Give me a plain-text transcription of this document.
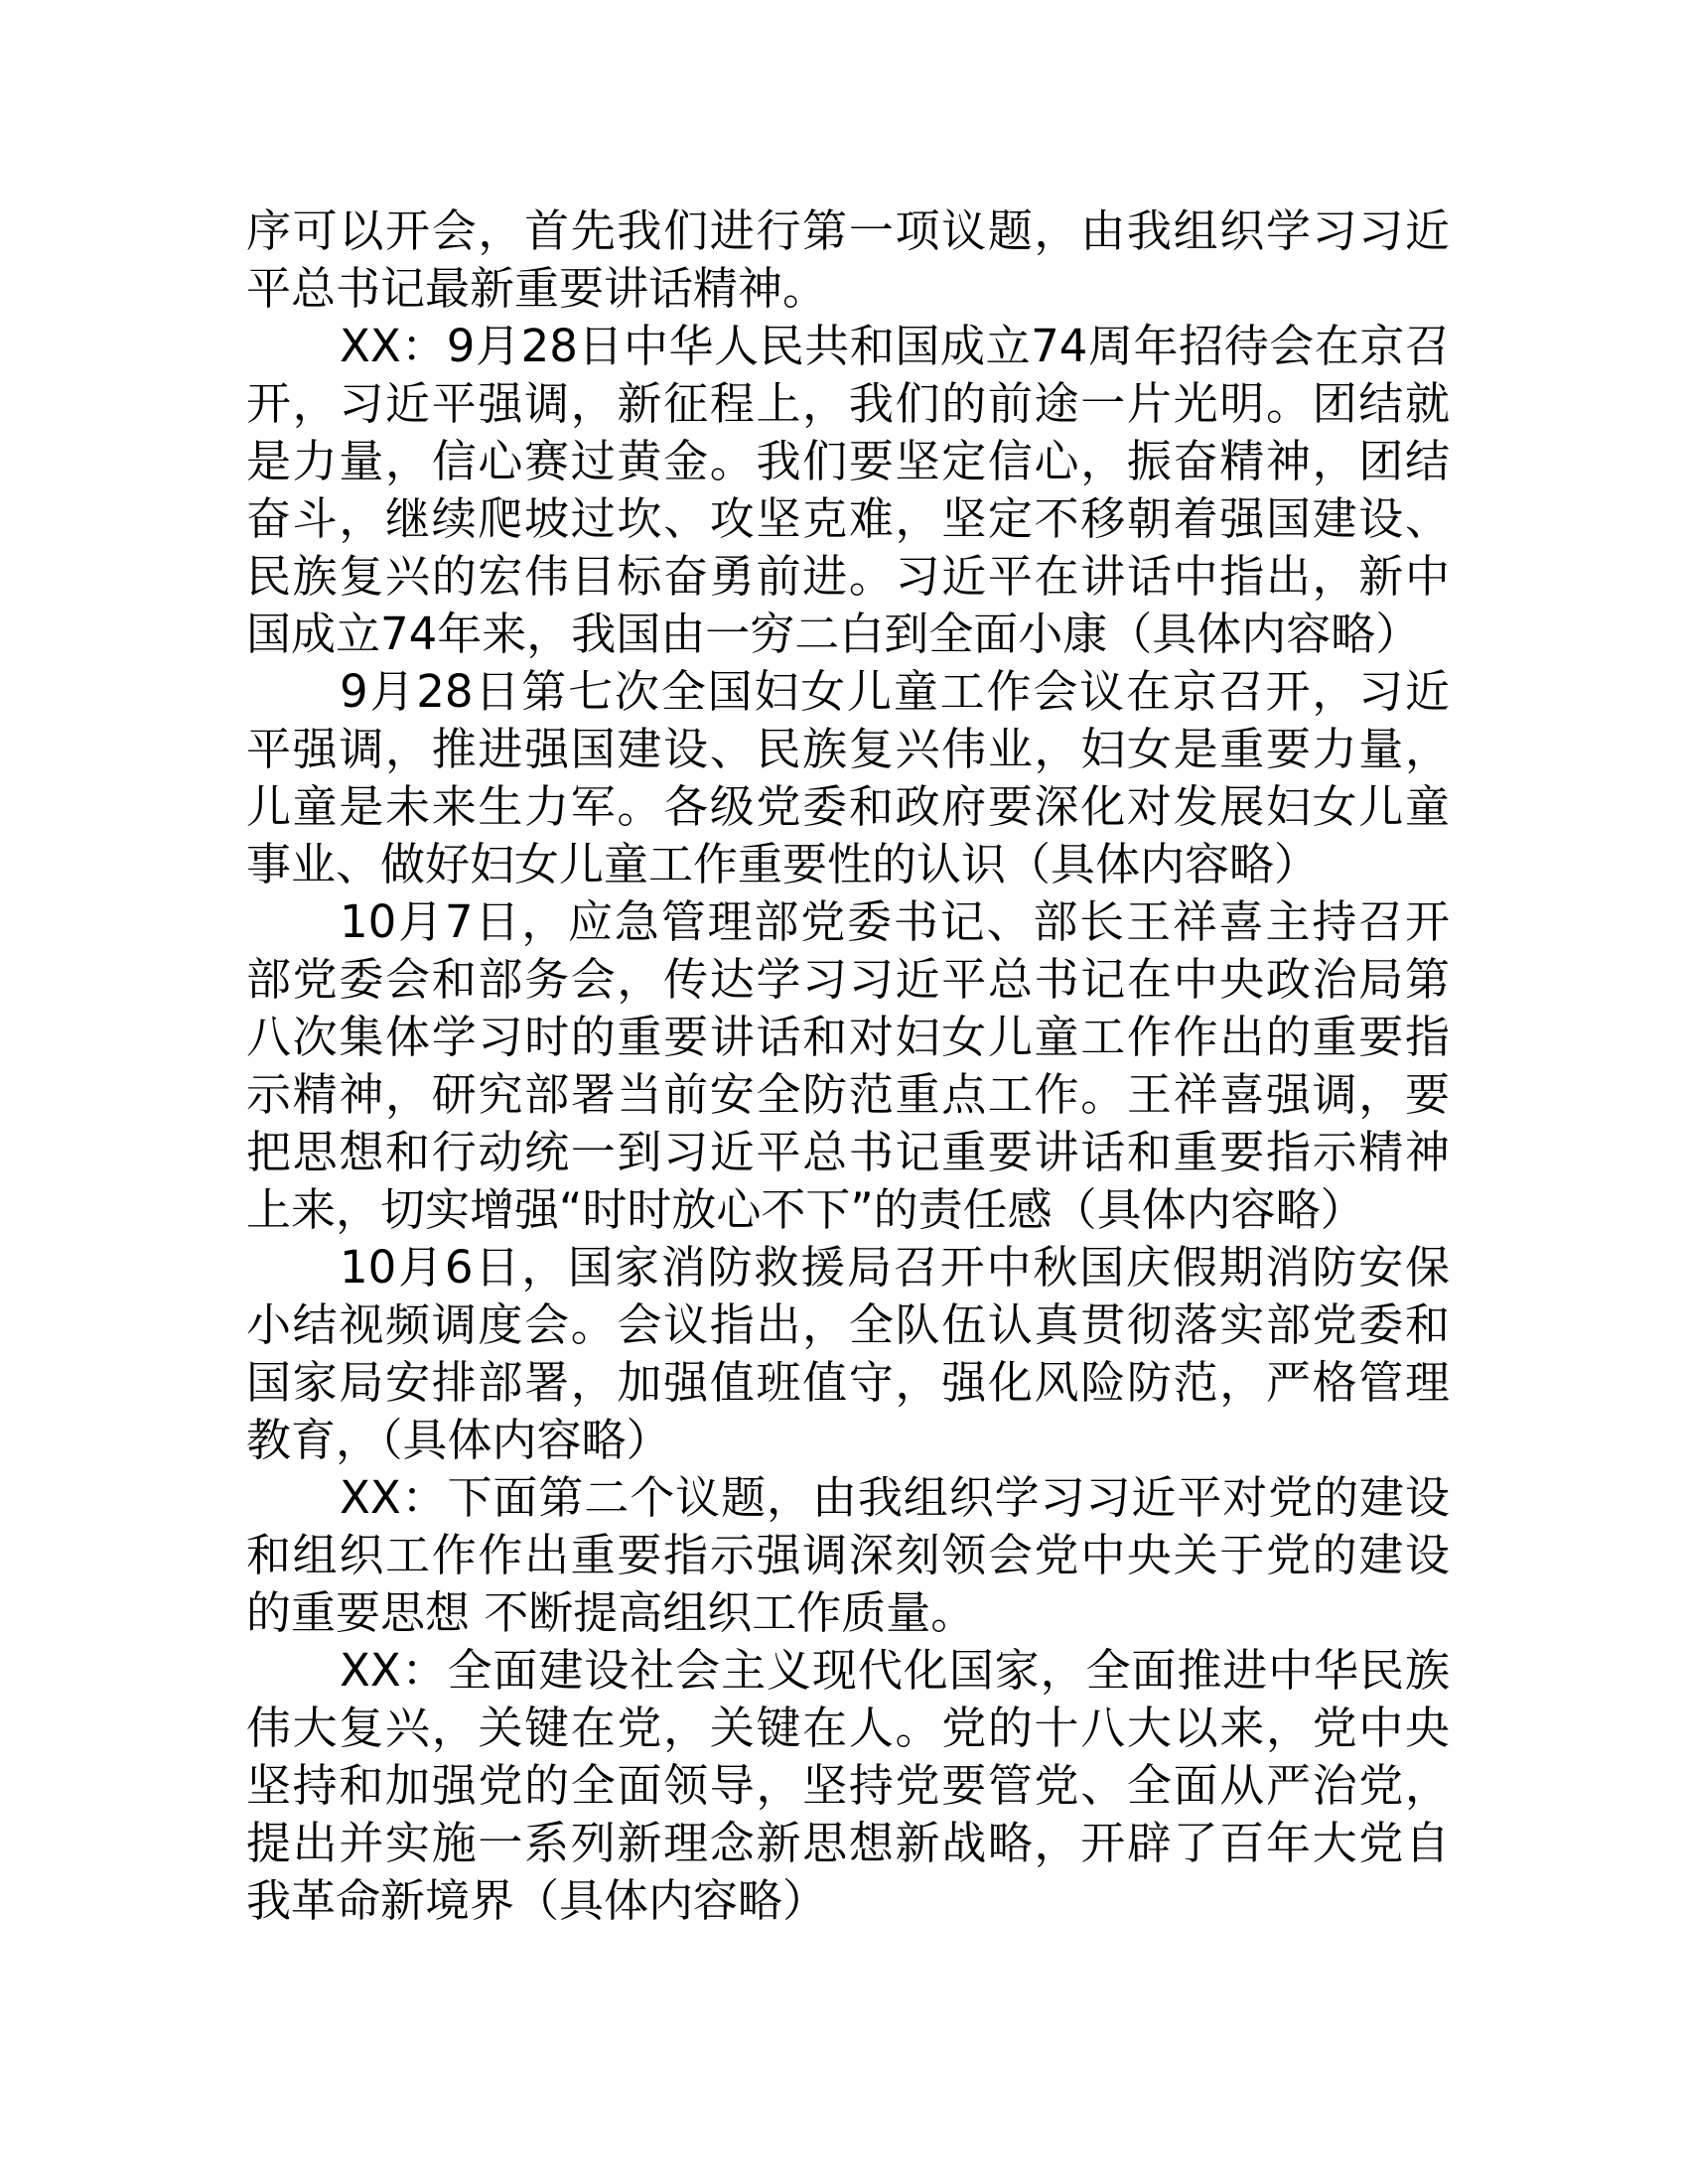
序可以开会，首先我们进行第一项议题，由我组织学习习近平总书记最新重要讲话精神。

XX：9月28日中华人民共和国成立74周年招待会在京召开，习近平强调，新征程上，我们的前途一片光明。团结就是力量，信心赛过黄金。我们要坚定信心，振奋精神，团结奋斗，继续爬坡过坎、攻坚克难，坚定不移朝着强国建设、民族复兴的宏伟目标奋勇前进。习近平在讲话中指出，新中国成立74年来，我国由一穷二白到全面小康（具体内容略）

9月28日第七次全国妇女儿童工作会议在京召开，习近平强调，推进强国建设、民族复兴伟业，妇女是重要力量，儿童是未来生力军。各级党委和政府要深化对发展妇女儿童事业、做好妇女儿童工作重要性的认识（具体内容略）

10月7日，应急管理部党委书记、部长王祥喜主持召开部党委会和部务会，传达学习习近平总书记在中央政治局第八次集体学习时的重要讲话和对妇女儿童工作作出的重要指示精神，研究部署当前安全防范重点工作。王祥喜强调，要把思想和行动统一到习近平总书记重要讲话和重要指示精神上来，切实增强“时时放心不下”的责任感（具体内容略）

10月6日，国家消防救援局召开中秋国庆假期消防安保小结视频调度会。会议指出，全队伍认真贯彻落实部党委和国家局安排部署，加强值班值守，强化风险防范，严格管理教育，（具体内容略）

XX：下面第二个议题，由我组织学习习近平对党的建设和组织工作作出重要指示强调深刻领会党中央关于党的建设的重要思想 不断提高组织工作质量。

XX：全面建设社会主义现代化国家，全面推进中华民族伟大复兴，关键在党，关键在人。党的十八大以来，党中央坚持和加强党的全面领导，坚持党要管党、全面从严治党，提出并实施一系列新理念新思想新战略，开辟了百年大党自我革命新境界（具体内容略）
